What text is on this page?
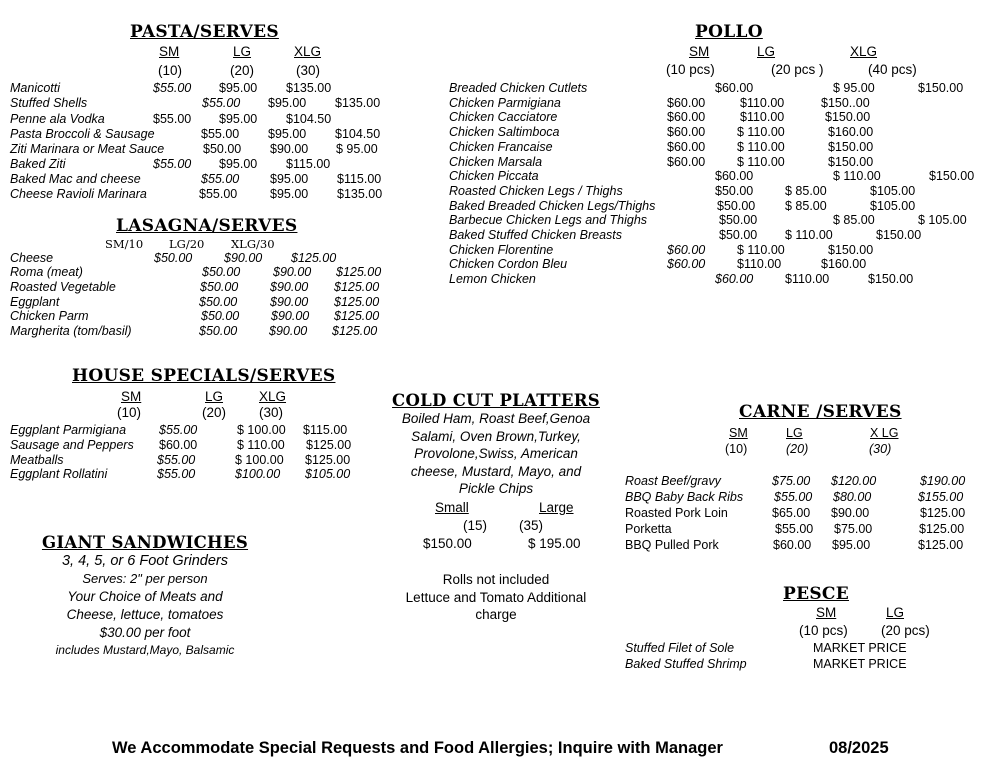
PASTA/SERVES
SM	LG	XLG
(10)	(20)	(30)
Manicotti	$55.00 $95.00 $135.00
Stuffed Shells	$55.00 $95.00 $135.00
Penne ala Vodka	$55.00 $95.00 $104.50
Pasta Broccoli & Sausage	$55.00 $95.00 $104.50
Ziti Marinara or Meat Sauce	$50.00 $90.00 $ 95.00
Baked Ziti	$55.00 $95.00 $115.00
Baked Mac and cheese	$55.00 $95.00 $115.00
Cheese Ravioli Marinara	$55.00	$95.00 $135.00
LASAGNA/SERVES
SM/10 LG/20 XLG/30
Cheese	$50.00	$90.00 $125.00
Roma (meat)	$50.00	$90.00 $125.00
Roasted Vegetable	$50.00	$90.00 $125.00
Eggplant	$50.00	$90.00 $125.00
Chicken Parm	$50.00	$90.00 $125.00
Margherita (tom/basil)	$50.00	$90.00 $125.00
HOUSE SPECIALS/SERVES
SM	LG	XLG
(10)	(20) (30)
Eggplant Parmigiana	$55.00	$ 100.00 $115.00
Sausage and Peppers $60.00	$ 110.00 $125.00
Meatballs	$55.00	$ 100.00 $125.00
Eggplant Rollatini	$55.00	$100.00 $105.00
GIANT SANDWICHES
3, 4, 5, or 6 Foot Grinders
Serves: 2" per person
Your Choice of Meats and
Cheese, lettuce, tomatoes
$30.00 per foot
includes Mustard,Mayo, Balsamic
POLLO
SM	LG	XLG
(10 pcs)	(20 pcs )	(40 pcs)
Breaded Chicken Cutlets	$60.00	$ 95.00	$150.00
Chicken Parmigiana	$60.00	$110.00	$150..00
Chicken Cacciatore	$60.00	$110.00	$150.00
Chicken Saltimboca	$60.00	$ 110.00	$160.00
Chicken Francaise	$60.00	$ 110.00	$150.00
Chicken Marsala	$60.00	$ 110.00	$150.00
Chicken Piccata	$60.00	$ 110.00	$150.00
Roasted Chicken Legs / Thighs	$50.00	$ 85.00	$105.00
Baked Breaded Chicken Legs/Thighs	$50.00 $ 85.00	$105.00
Barbecue Chicken Legs and Thighs	$50.00	$ 85.00	$ 105.00
Baked Stuffed Chicken Breasts	$50.00 $ 110.00	$150.00
Chicken Florentine	$60.00	$ 110.00	$150.00
Chicken Cordon Bleu	$60.00	$110.00	$160.00
Lemon Chicken	$60.00	$110.00	$150.00
COLD CUT PLATTERS
Boiled Ham, Roast Beef,Genoa
Salami, Oven Brown,Turkey,
Provolone,Swiss, American
cheese, Mustard, Mayo, and
Pickle Chips
Small	Large
(15) (35)
$150.00	$ 195.00
Rolls not included
Lettuce and Tomato Additional
charge
CARNE /SERVES
SM	LG	X LG
(10)	(20)	(30)
Roast Beef/gravy	$75.00 $120.00	$190.00
BBQ Baby Back Ribs $55.00 $80.00	$155.00
Roasted Pork Loin	$65.00 $90.00	$125.00
Porketta	$55.00 $75.00	$125.00
BBQ Pulled Pork	$60.00 $95.00	$125.00
PESCE
SM	LG
(10 pcs) (20 pcs)
Stuffed Filet of Sole	MARKET PRICE
Baked Stuffed Shrimp	MARKET PRICE
We Accommodate Special Requests and Food Allergies; Inquire with Manager	08/2025
